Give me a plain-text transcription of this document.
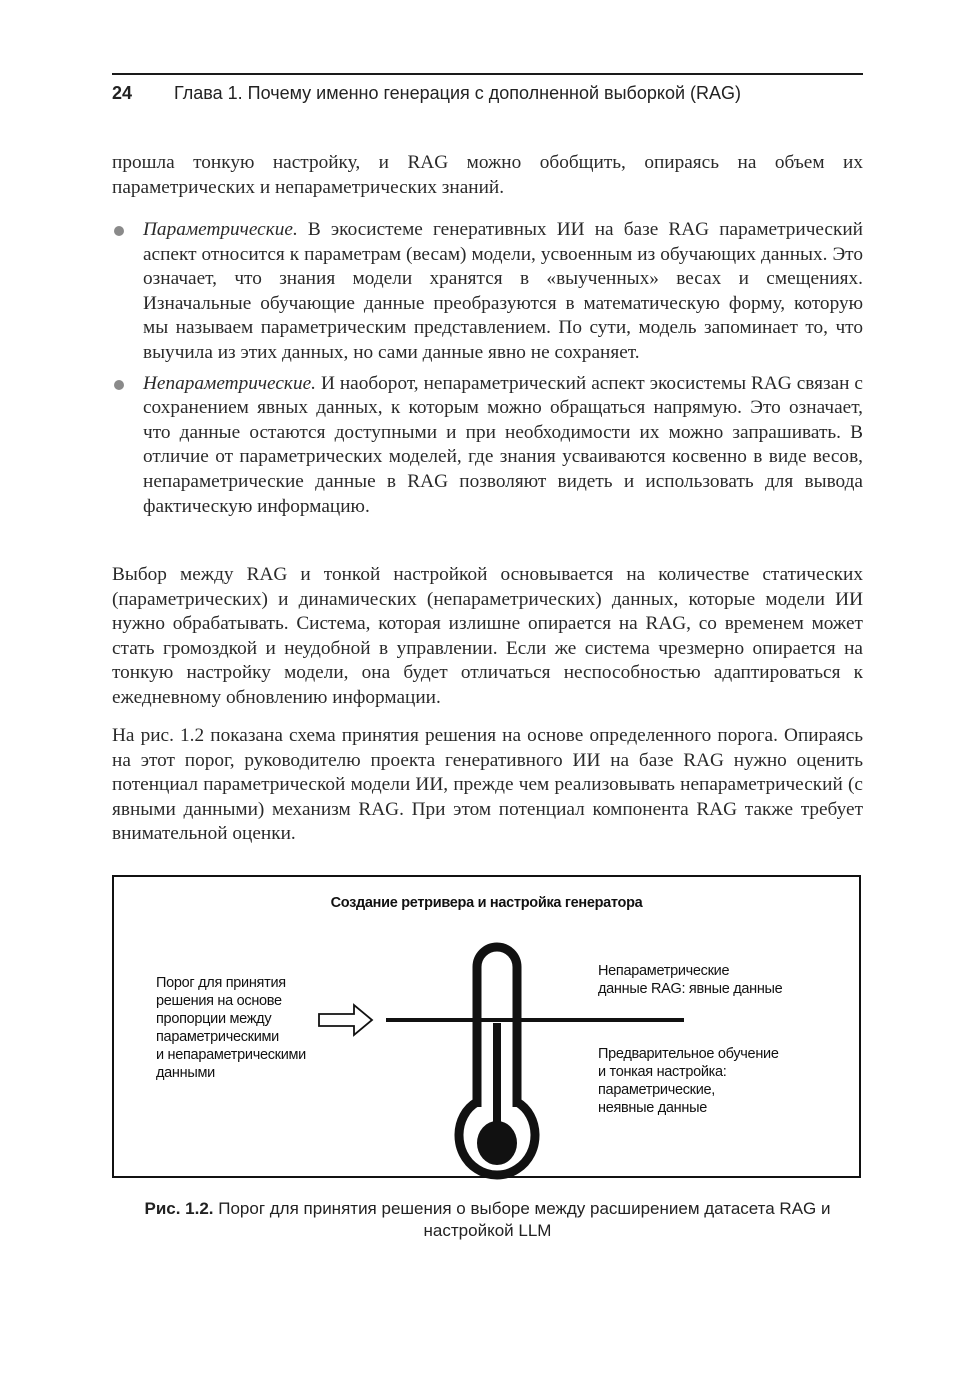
24 Глава 1. Почему именно генерация с дополненной выборкой (RAG)

прошла тонкую настройку, и RAG можно обобщить, опираясь на объем их параметрических и непараметрических знаний.

Параметрические. В экосистеме генеративных ИИ на базе RAG параметрический аспект относится к параметрам (весам) модели, усвоенным из обучающих данных. Это означает, что знания модели хранятся в «выученных» весах и смещениях. Изначальные обучающие данные преобразуются в математическую форму, которую мы называем параметрическим представлением. По сути, модель запоминает то, что выучила из этих данных, но сами данные явно не сохраняет.
Непараметрические. И наоборот, непараметрический аспект экосистемы RAG связан с сохранением явных данных, к которым можно обращаться напрямую. Это означает, что данные остаются доступными и при необходимости их можно запрашивать. В отличие от параметрических моделей, где знания усваиваются косвенно в виде весов, непараметрические данные в RAG позволяют видеть и использовать для вывода фактическую информацию.

Выбор между RAG и тонкой настройкой основывается на количестве статических (параметрических) и динамических (непараметрических) данных, которые модели ИИ нужно обрабатывать. Система, которая излишне опирается на RAG, со временем может стать громоздкой и неудобной в управлении. Если же система чрезмерно опирается на тонкую настройку модели, она будет отличаться неспособностью адаптироваться к ежедневному обновлению информации.

На рис. 1.2 показана схема принятия решения на основе определенного порога. Опираясь на этот порог, руководителю проекта генеративного ИИ на базе RAG нужно оценить потенциал параметрической модели ИИ, прежде чем реализовывать непараметрический (с явными данными) механизм RAG. При этом потенциал компонента RAG также требует внимательной оценки.

Создание ретривера и настройка генератора
Порог для принятия
решения на основе
пропорции между
параметрическими
и непараметрическими
данными
Непараметрические
данные RAG: явные данные
Предварительное обучение
и тонкая настройка:
параметрические,
неявные данные
Рис. 1.2. Порог для принятия решения о выборе между расширением датасета RAG и настройкой LLM
